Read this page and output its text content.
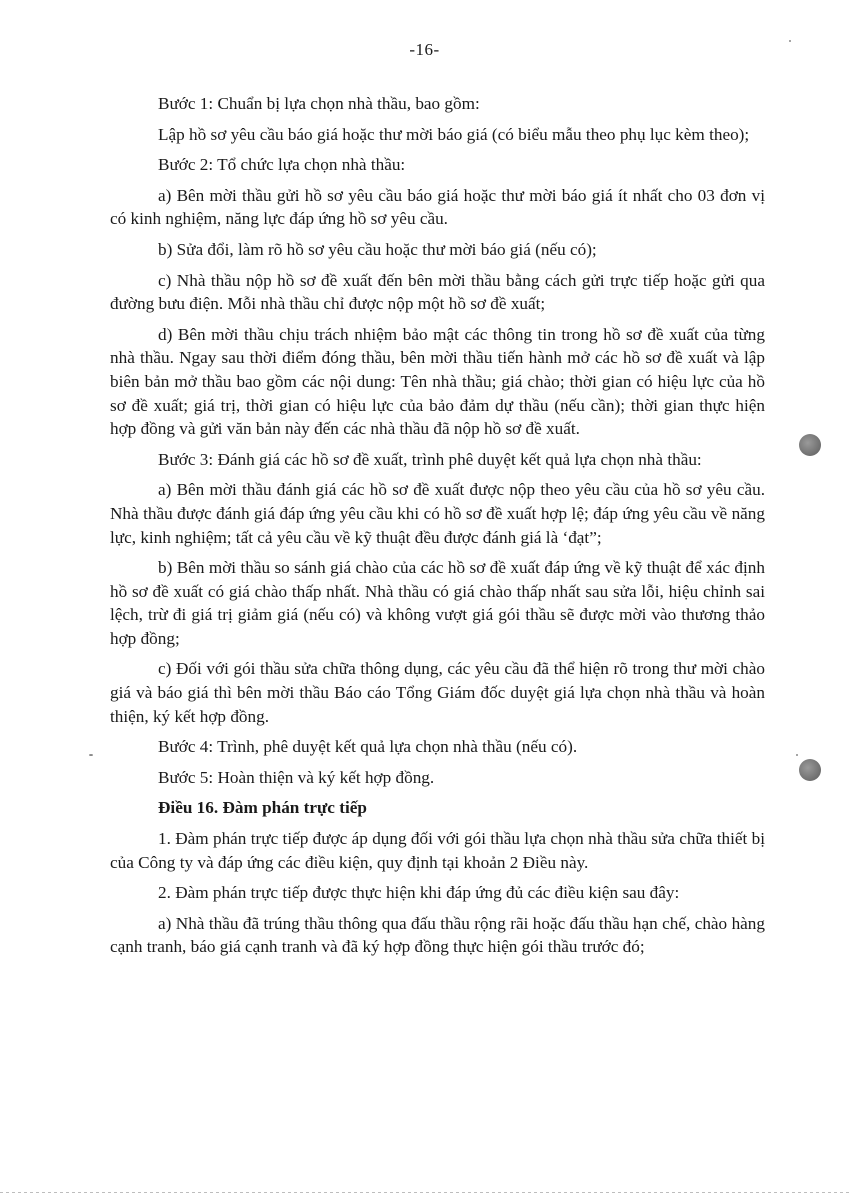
-16-

Bước 1: Chuẩn bị lựa chọn nhà thầu, bao gồm:

Lập hồ sơ yêu cầu báo giá hoặc thư mời báo giá (có biểu mẫu theo phụ lục kèm theo);

Bước 2: Tổ chức lựa chọn nhà thầu:

a) Bên mời thầu gửi hồ sơ yêu cầu báo giá hoặc thư mời báo giá ít nhất cho 03 đơn vị có kinh nghiệm, năng lực đáp ứng hồ sơ yêu cầu.

b) Sửa đổi, làm rõ hồ sơ yêu cầu hoặc thư mời báo giá (nếu có);

c) Nhà thầu nộp hồ sơ đề xuất đến bên mời thầu bằng cách gửi trực tiếp hoặc gửi qua đường bưu điện. Mỗi nhà thầu chỉ được nộp một hồ sơ đề xuất;

d) Bên mời thầu chịu trách nhiệm bảo mật các thông tin trong hồ sơ đề xuất của từng nhà thầu. Ngay sau thời điểm đóng thầu, bên mời thầu tiến hành mở các hồ sơ đề xuất và lập biên bản mở thầu bao gồm các nội dung: Tên nhà thầu; giá chào; thời gian có hiệu lực của hồ sơ đề xuất; giá trị, thời gian có hiệu lực của bảo đảm dự thầu (nếu cần); thời gian thực hiện hợp đồng và gửi văn bản này đến các nhà thầu đã nộp hồ sơ đề xuất.

Bước 3: Đánh giá các hồ sơ đề xuất, trình phê duyệt kết quả lựa chọn nhà thầu:

a) Bên mời thầu đánh giá các hồ sơ đề xuất được nộp theo yêu cầu của hồ sơ yêu cầu. Nhà thầu được đánh giá đáp ứng yêu cầu khi có hồ sơ đề xuất hợp lệ; đáp ứng yêu cầu về năng lực, kinh nghiệm; tất cả yêu cầu về kỹ thuật đều được đánh giá là ‘đạt”;

b) Bên mời thầu so sánh giá chào của các hồ sơ đề xuất đáp ứng về kỹ thuật để xác định hồ sơ đề xuất có giá chào thấp nhất. Nhà thầu có giá chào thấp nhất sau sửa lỗi, hiệu chỉnh sai lệch, trừ đi giá trị giảm giá (nếu có) và không vượt giá gói thầu sẽ được mời vào thương thảo hợp đồng;

c) Đối với gói thầu sửa chữa thông dụng, các yêu cầu đã thể hiện rõ trong thư mời chào giá và báo giá thì bên mời thầu Báo cáo Tổng Giám đốc duyệt giá lựa chọn nhà thầu và hoàn thiện, ký kết hợp đồng.

Bước 4: Trình, phê duyệt kết quả lựa chọn nhà thầu (nếu có).

Bước 5: Hoàn thiện và ký kết hợp đồng.

Điều 16. Đàm phán trực tiếp

1. Đàm phán trực tiếp được áp dụng đối với gói thầu lựa chọn nhà thầu sửa chữa thiết bị của Công ty và đáp ứng các điều kiện, quy định tại khoản 2 Điều này.

2. Đàm phán trực tiếp được thực hiện khi đáp ứng đủ các điều kiện sau đây:

a) Nhà thầu đã trúng thầu thông qua đấu thầu rộng rãi hoặc đấu thầu hạn chế, chào hàng cạnh tranh, báo giá cạnh tranh và đã ký hợp đồng thực hiện gói thầu trước đó;
